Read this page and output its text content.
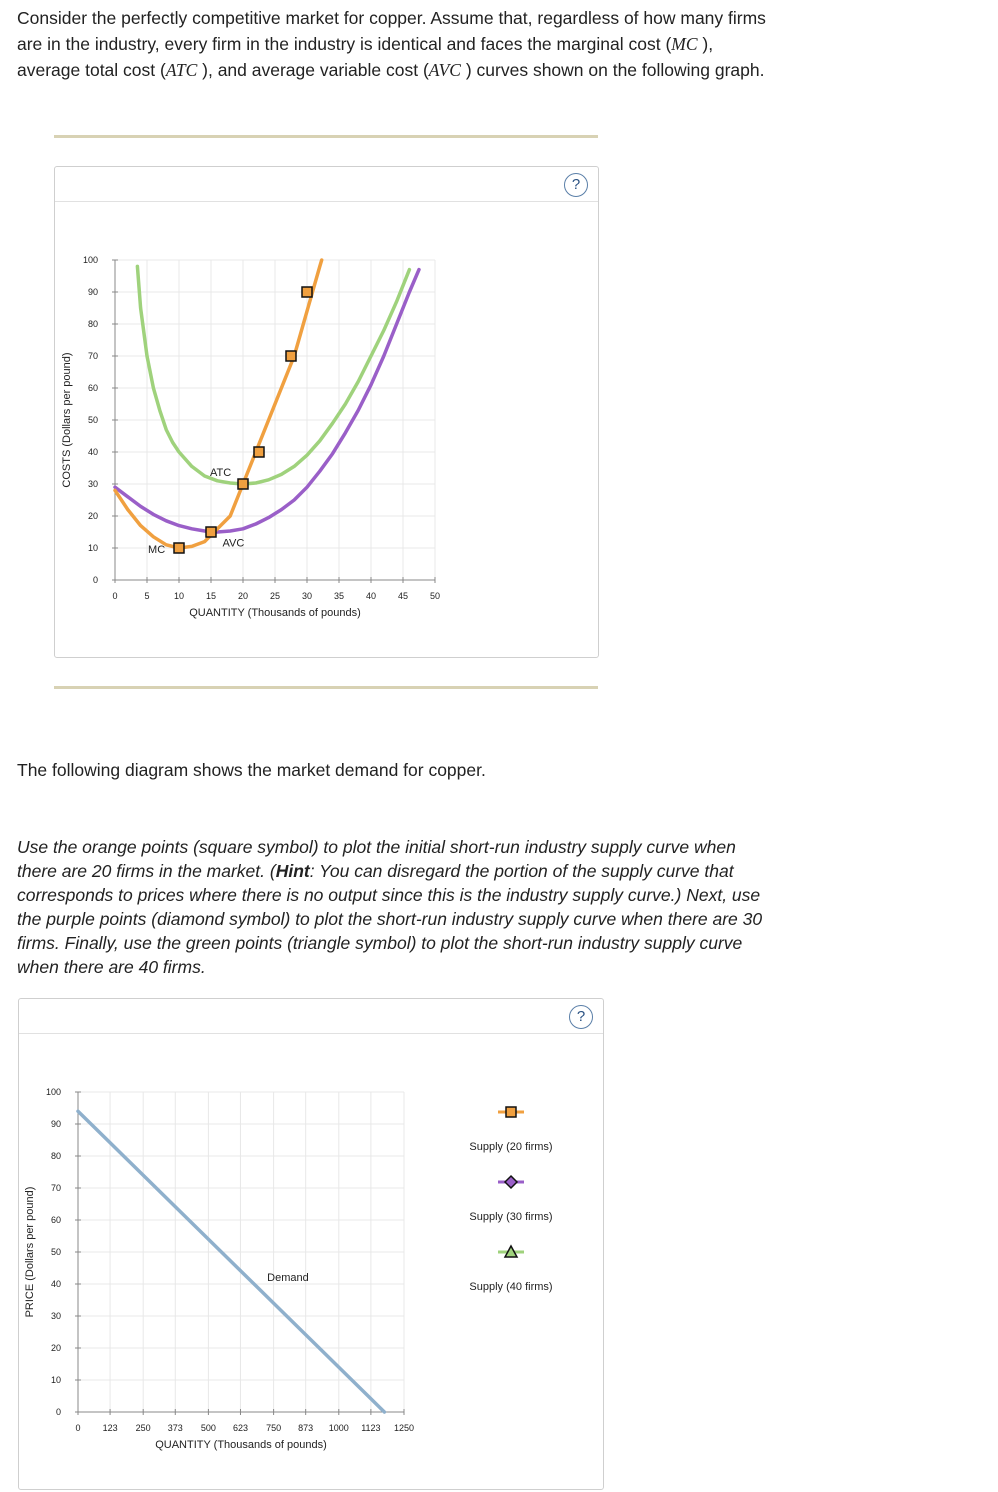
Consider the perfectly competitive market for copper. Assume that, regardless of how many firms
are in the industry, every firm in the industry is identical and faces the marginal cost (MC ),
average total cost (ATC ), and average variable cost (AVC ) curves shown on the following graph.
?
0	5	10 15 20 25 30 35 40 45 50
0
10
20
30
40
50
60
70
80
90
100
QUANTITY (Thousands of pounds)
COSTS (Dollars per pound)	ATC
AVC
MC
The following diagram shows the market demand for copper.
Use the orange points (square symbol) to plot the initial short-run industry supply curve when
there are 20 firms in the market. (Hint: You can disregard the portion of the supply curve that
corresponds to prices where there is no output since this is the industry supply curve.) Next, use
the purple points (diamond symbol) to plot the short-run industry supply curve when there are 30
firms. Finally, use the green points (triangle symbol) to plot the short-run industry supply curve
when there are 40 firms.
?
0 123 250 373 500 623 750 873 1000 1123 1250
0
10
20
30
40
50
60
70
80
90
100
QUANTITY (Thousands of pounds)
PRICE (Dollars per pound)	Demand
Supply (20 firms)
Supply (30 firms)
Supply (40 firms)
